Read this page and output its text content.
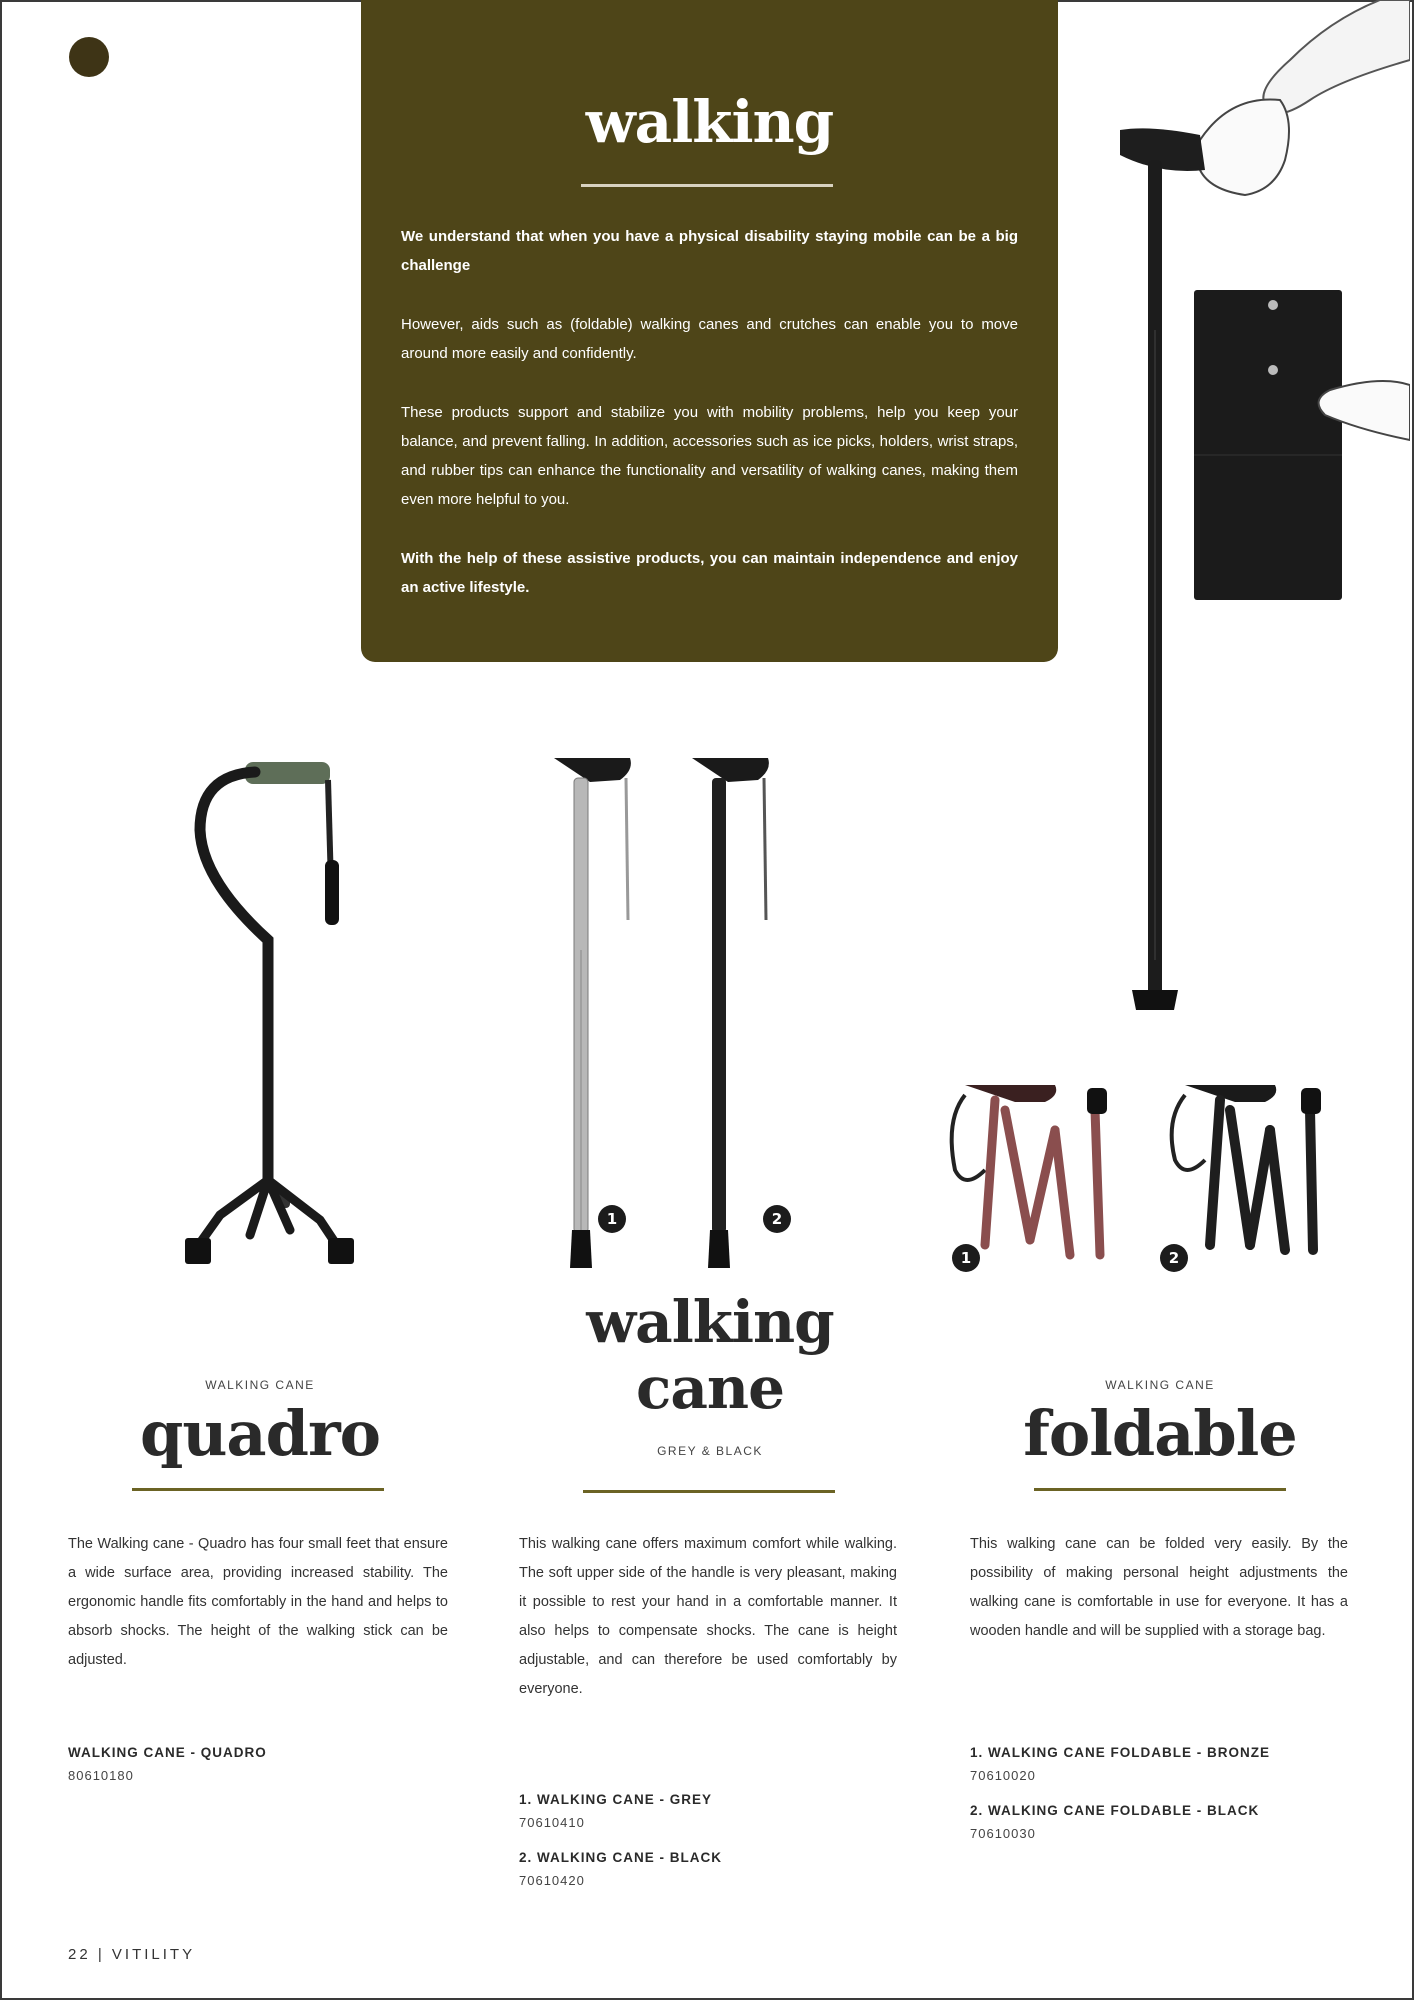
walking

We understand that when you have a physical disability staying mobile can be a big challenge

However, aids such as (foldable) walking canes and crutches can enable you to move around more easily and confidently.

These products support and stabilize you with mobility problems, help you keep your balance, and prevent falling. In addition, accessories such as ice picks, holders, wrist straps, and rubber tips can enhance the functionality and versatility of walking canes, making them even more helpful to you.

With the help of these assistive products, you can maintain independence and enjoy an active lifestyle.

1	2
1	2
walking
cane
GREY & BLACK
WALKING CANE
quadro
WALKING CANE
foldable
The Walking cane - Quadro has four small feet that ensure a wide surface area, providing increased stability. The ergonomic handle fits comfortably in the hand and helps to absorb shocks. The height of the walking stick can be adjusted.
This walking cane offers maximum comfort while walking. The soft upper side of the handle is very pleasant, making it possible to rest your hand in a comfortable manner. It also helps to compensate shocks. The cane is height adjustable, and can therefore be used comfortably by everyone.
This walking cane can be folded very easily. By the possibility of making personal height adjustments the walking cane is comfortable in use for everyone. It has a wooden handle and will be supplied with a storage bag.
WALKING CANE - QUADRO
80610180
1. WALKING CANE - GREY
70610410
2. WALKING CANE - BLACK
70610420
1. WALKING CANE FOLDABLE - BRONZE
70610020
2. WALKING CANE FOLDABLE - BLACK
70610030
22 | VITILITY
